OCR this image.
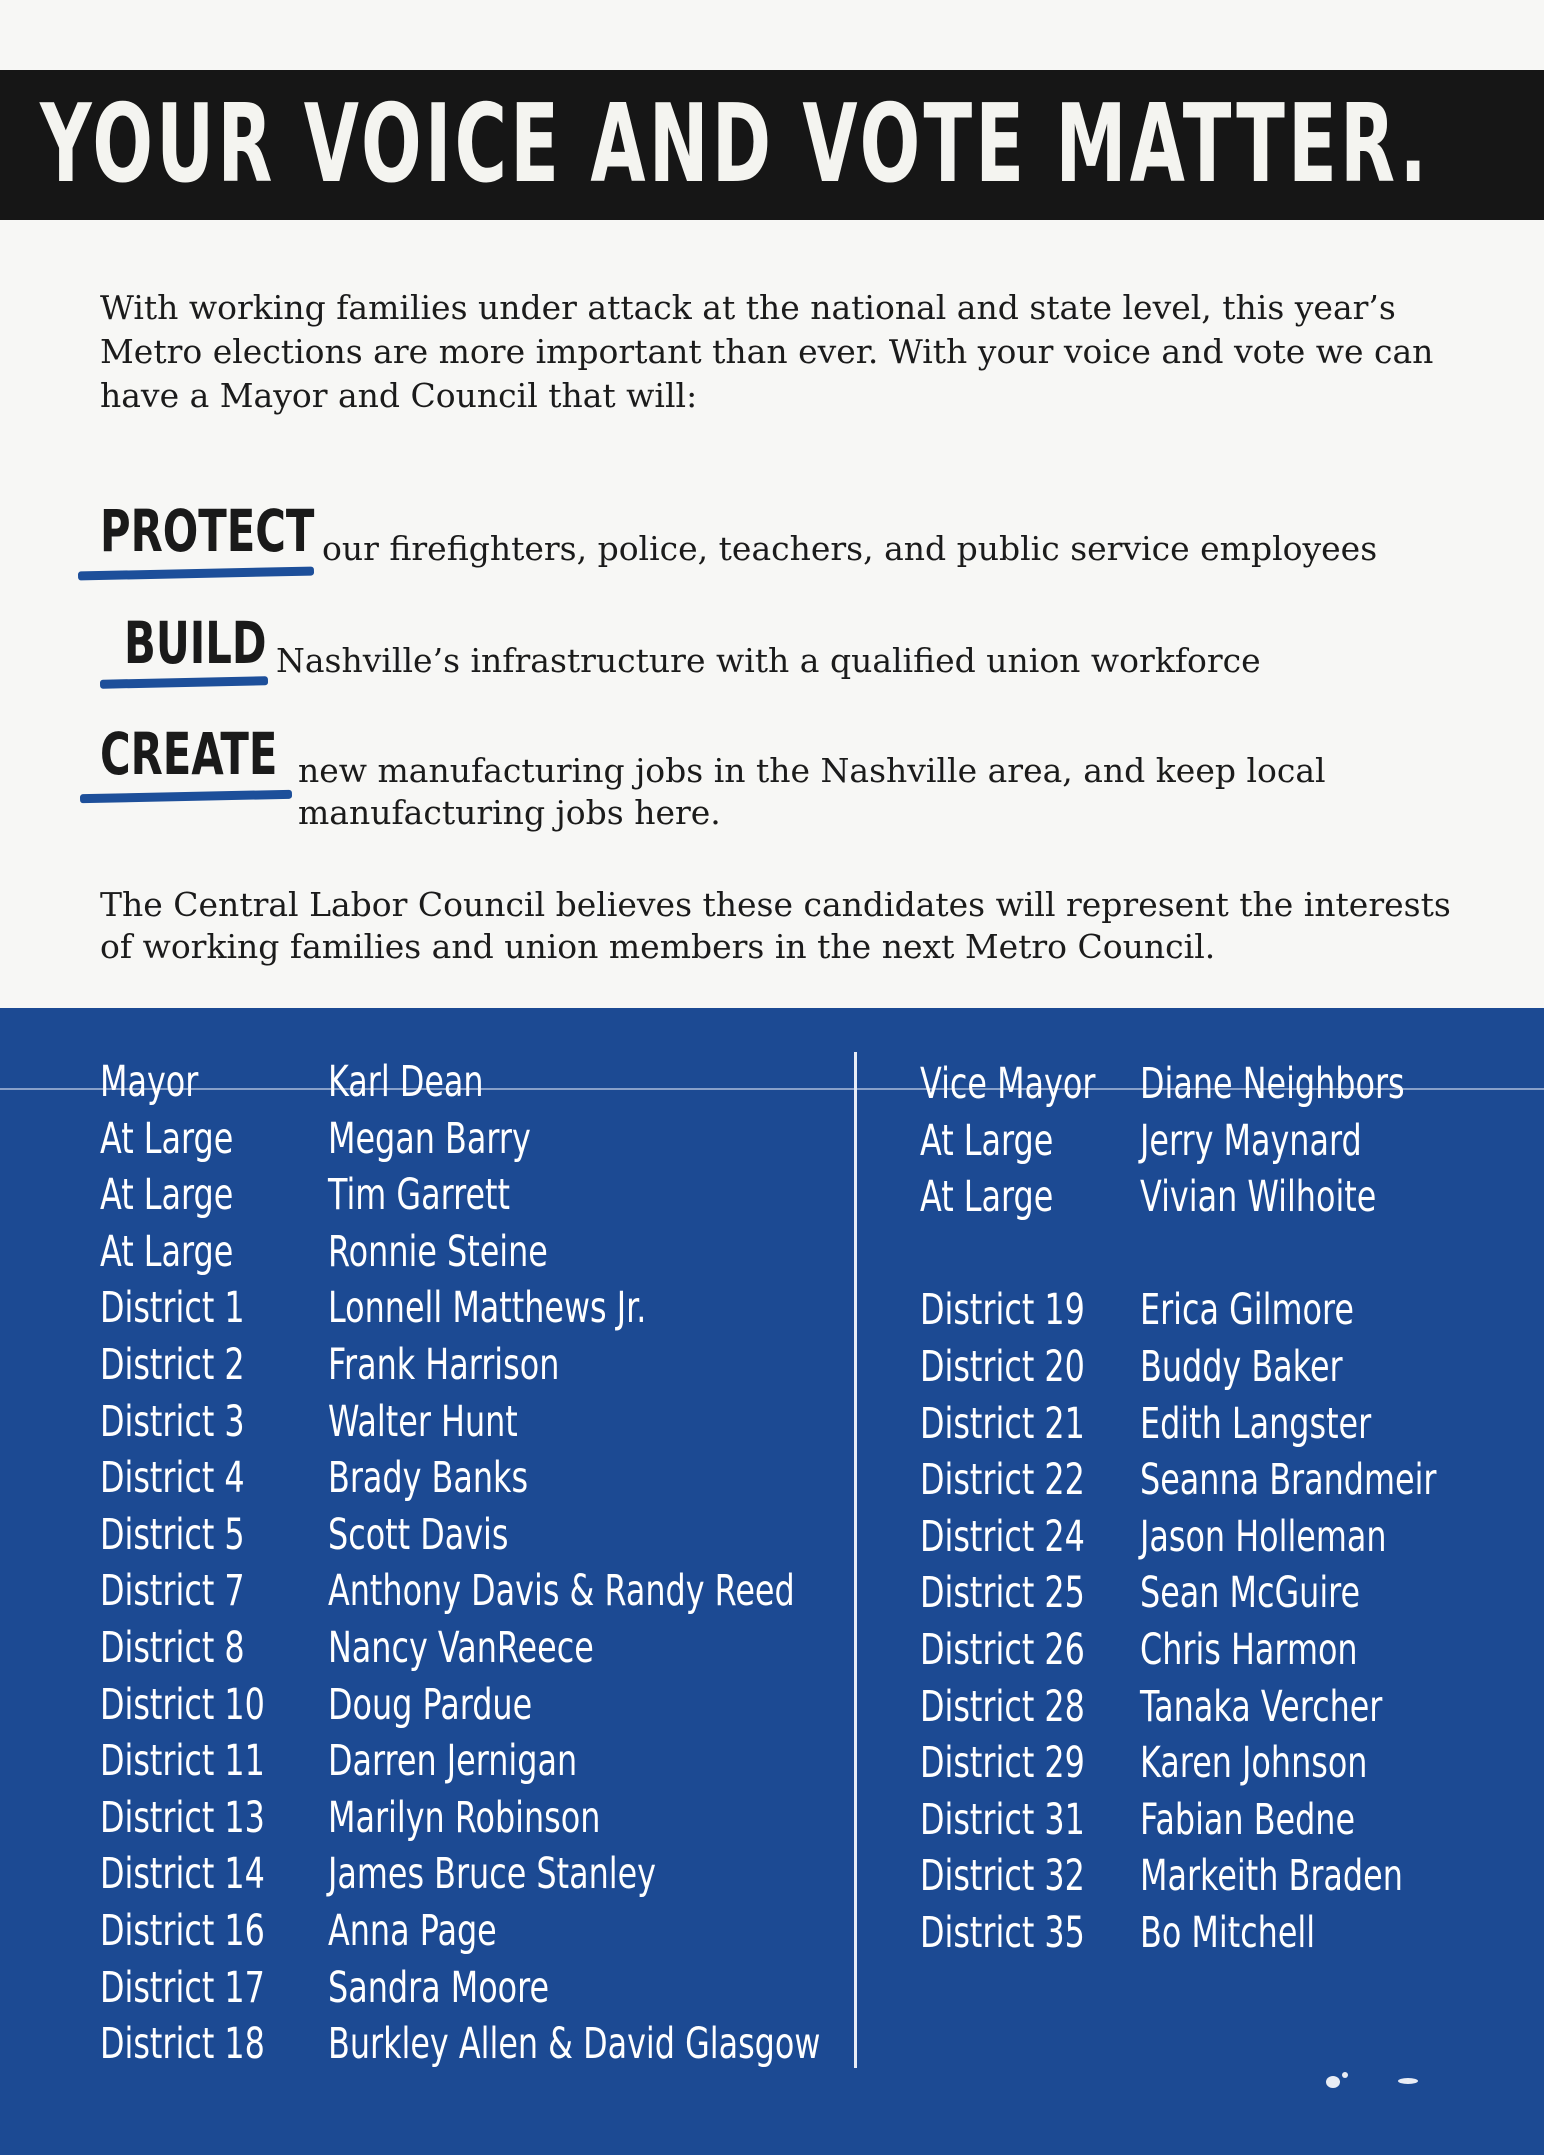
YOUR VOICE AND VOTE MATTER.

With working families under attack at the national and state level, this year’s Metro elections are more important than ever. With your voice and vote we can have a Mayor and Council that will:

PROTECT our firefighters, police, teachers, and public service employees

BUILD Nashville’s infrastructure with a qualified union workforce

CREATE new manufacturing jobs in the Nashville area, and keep local manufacturing jobs here.

The Central Labor Council believes these candidates will represent the interests of working families and union members in the next Metro Council.

Mayor	Karl Dean
At Large Megan Barry
At Large Tim Garrett
At Large Ronnie Steine
District 1 Lonnell Matthews Jr.
District 2 Frank Harrison
District 3 Walter Hunt
District 4 Brady Banks
District 5 Scott Davis
District 7 Anthony Davis & Randy Reed
District 8 Nancy VanReece
District 10 Doug Pardue
District 11 Darren Jernigan
District 13 Marilyn Robinson
District 14 James Bruce Stanley
District 16 Anna Page
District 17 Sandra Moore
District 18 Burkley Allen & David Glasgow
Vice Mayor Diane Neighbors
At Large Jerry Maynard
At Large Vivian Wilhoite
District 19 Erica Gilmore
District 20 Buddy Baker
District 21 Edith Langster
District 22 Seanna Brandmeir
District 24 Jason Holleman
District 25 Sean McGuire
District 26 Chris Harmon
District 28 Tanaka Vercher
District 29 Karen Johnson
District 31 Fabian Bedne
District 32 Markeith Braden
District 35 Bo Mitchell
